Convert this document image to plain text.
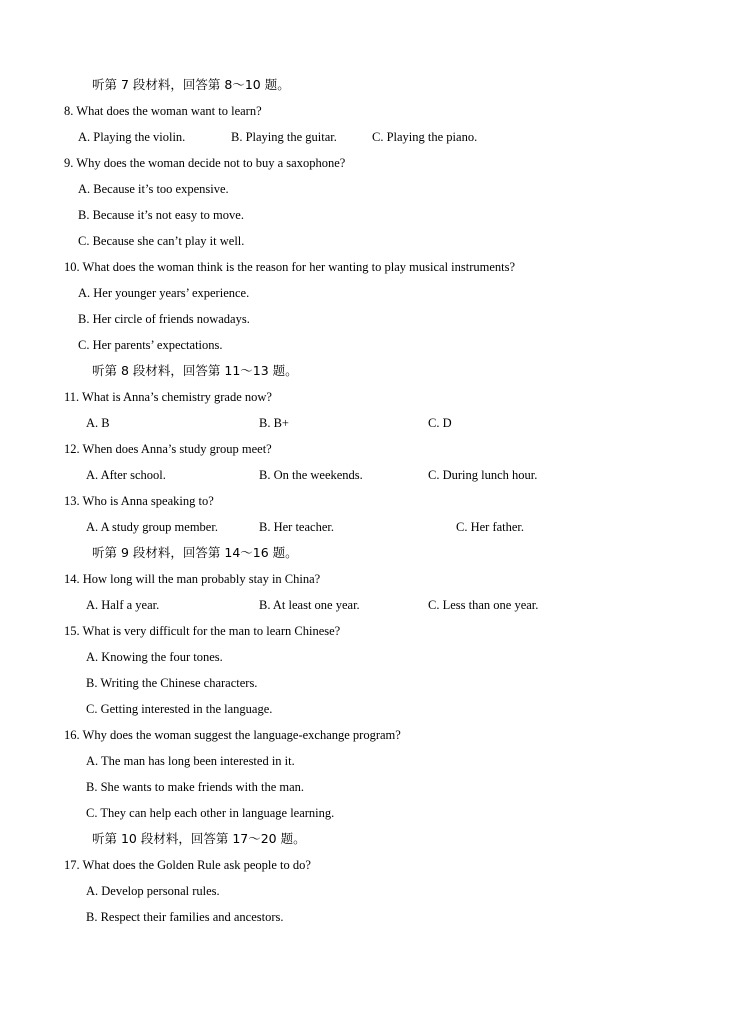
听第 7 段材料，回答第 8～10 题。
8. What does the woman want to learn?
A. Playing the violin.	B. Playing the guitar.	C. Playing the piano.
9. Why does the woman decide not to buy a saxophone?
A. Because it’s too expensive.
B. Because it’s not easy to move.
C. Because she can’t play it well.
10. What does the woman think is the reason for her wanting to play musical instruments?
A. Her younger years’ experience.
B. Her circle of friends nowadays.
C. Her parents’ expectations.
听第 8 段材料，回答第 11～13 题。
11. What is Anna’s chemistry grade now?
A. B	B. B+	C. D
12. When does Anna’s study group meet?
A. After school.	B. On the weekends.	C. During lunch hour.
13. Who is Anna speaking to?
A. A study group member.	B. Her teacher.	C. Her father.
听第 9 段材料，回答第 14～16 题。
14. How long will the man probably stay in China?
A. Half a year.	B. At least one year.	C. Less than one year.
15. What is very difficult for the man to learn Chinese?
A. Knowing the four tones.
B. Writing the Chinese characters.
C. Getting interested in the language.
16. Why does the woman suggest the language-exchange program?
A. The man has long been interested in it.
B. She wants to make friends with the man.
C. They can help each other in language learning.
听第 10 段材料，回答第 17～20 题。
17. What does the Golden Rule ask people to do?
A. Develop personal rules.
B. Respect their families and ancestors.
